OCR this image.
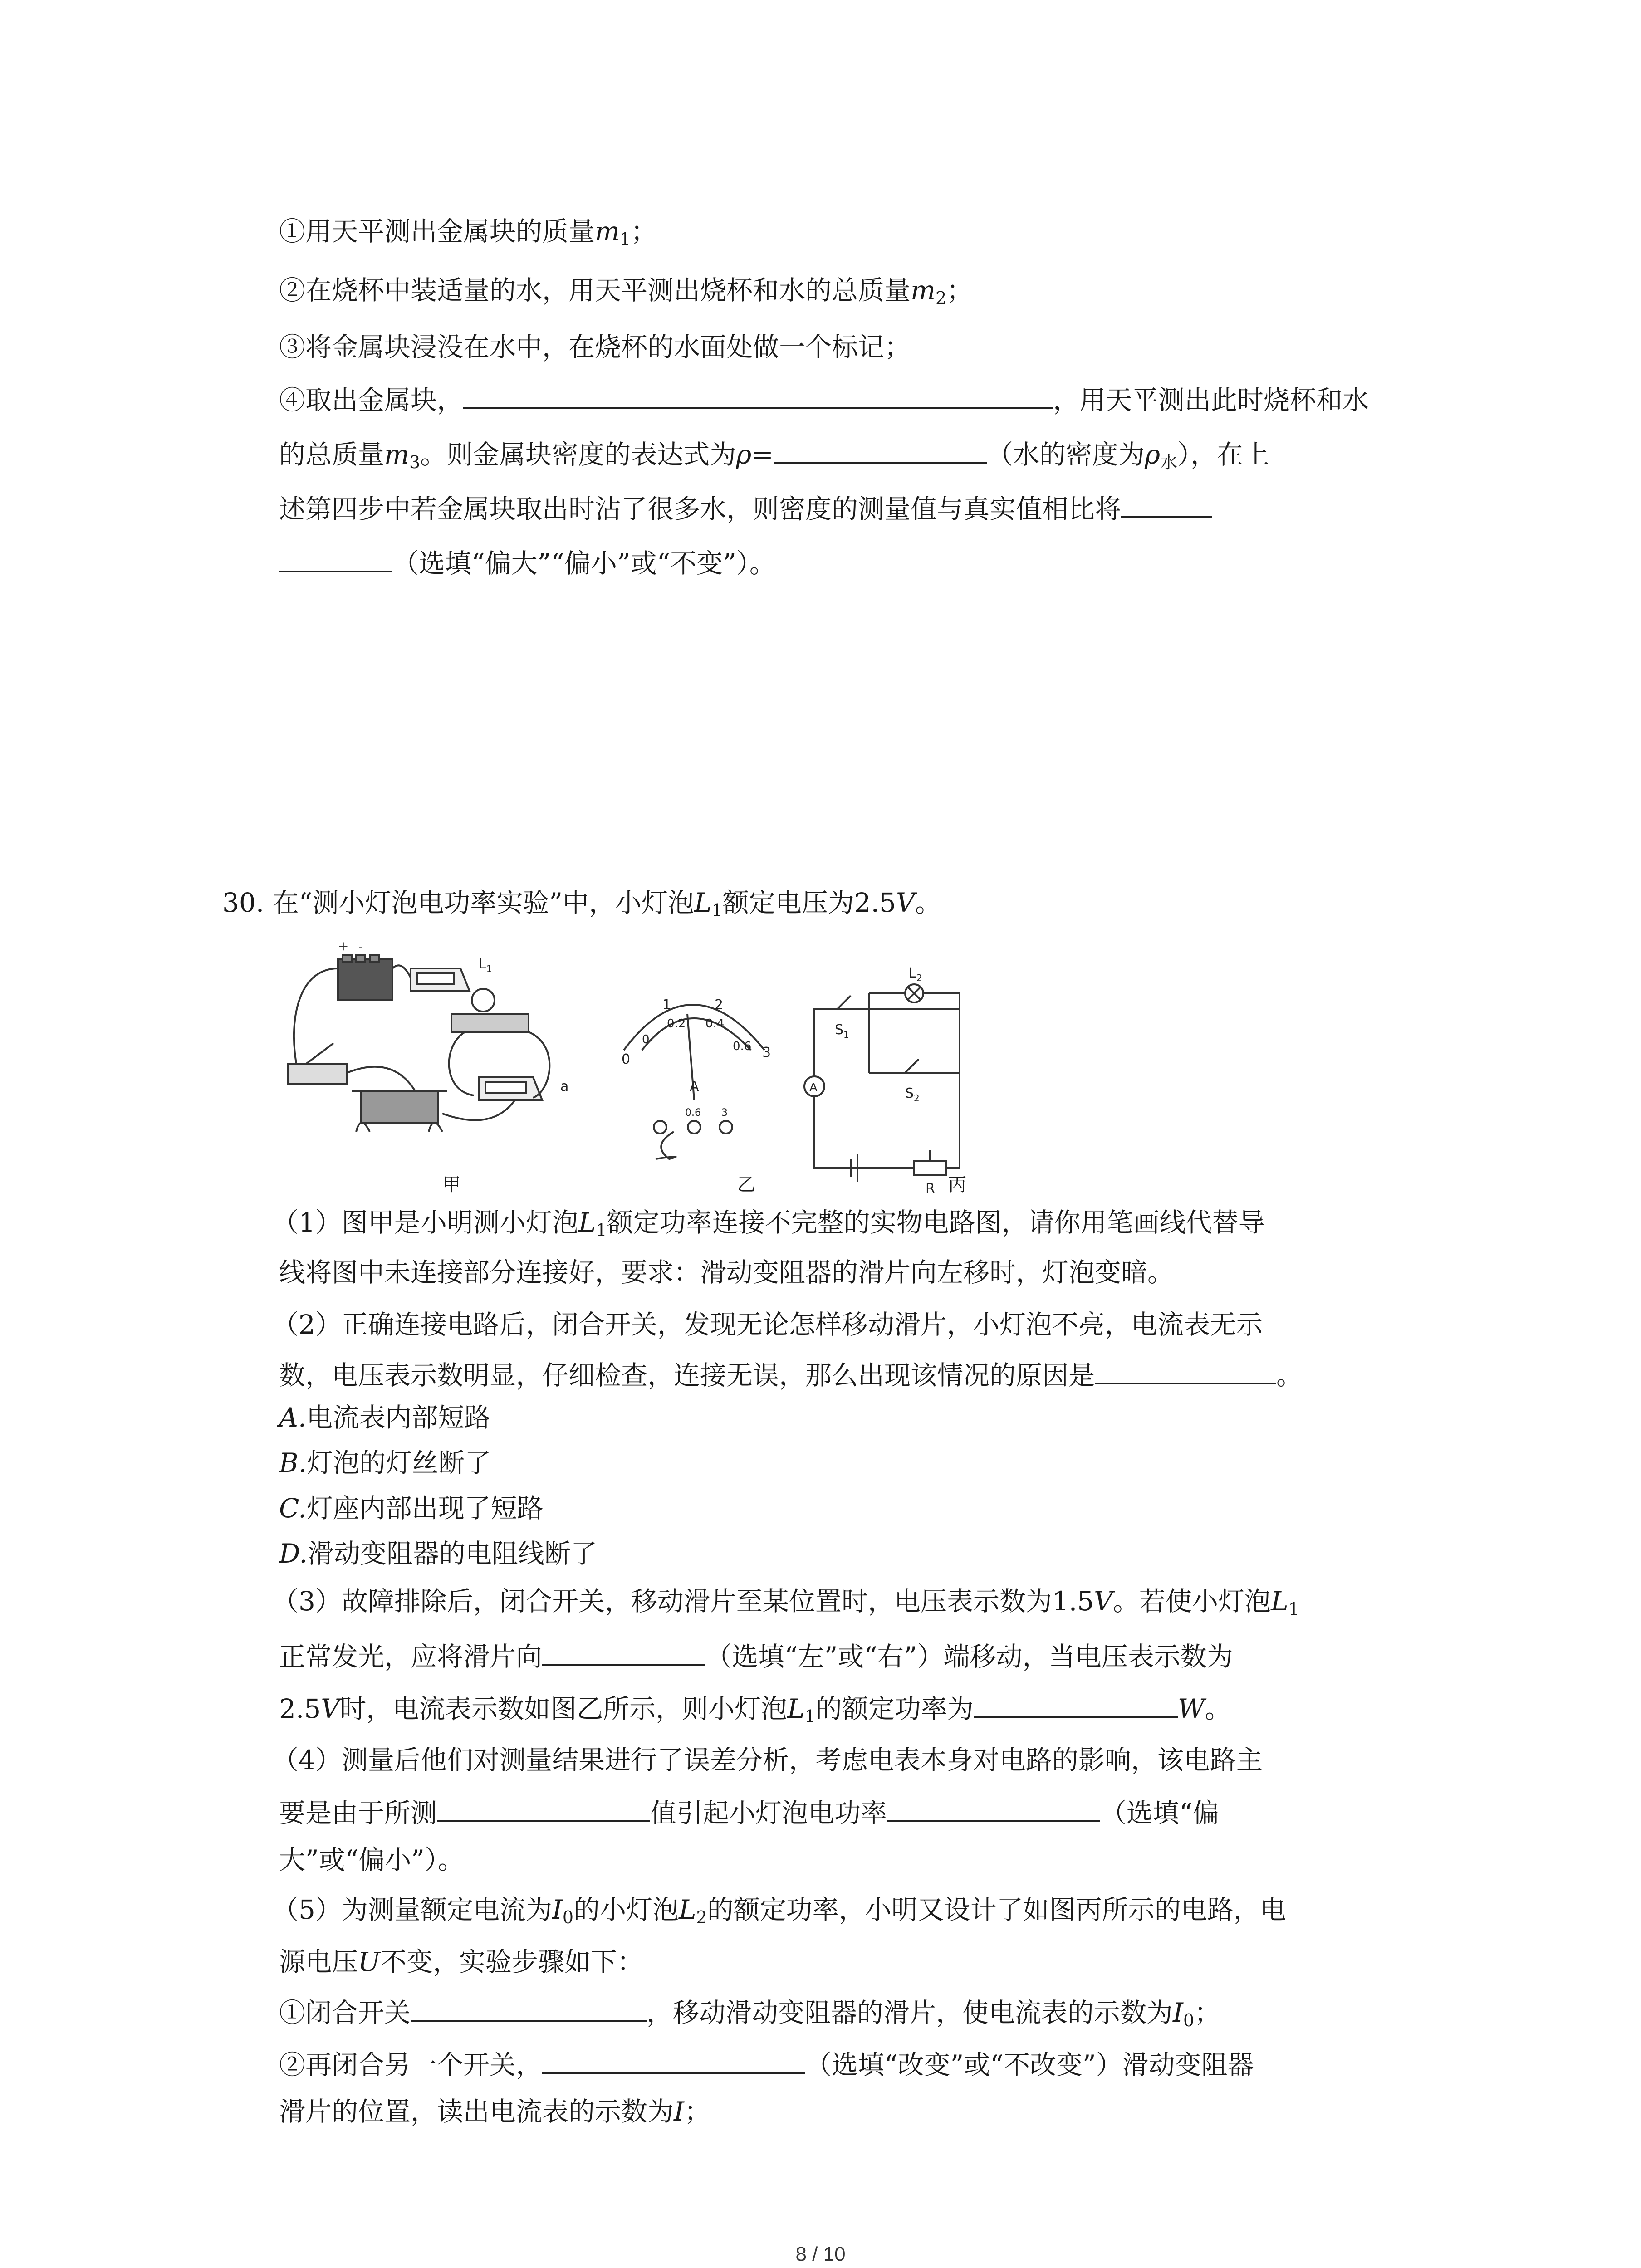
①用天平测出金属块的质量$m_1$；
②在烧杯中装适量的水，用天平测出烧杯和水的总质量$m_2$；
③将金属块浸没在水中，在烧杯的水面处做一个标记；
④取出金属块，	，用天平测出此时烧杯和水
的总质量$m_3$。则金属块密度的表达式为ρ=	（水的密度为$\rho_水$），在上
述第四步中若金属块取出时沾了很多水，则密度的测量值与真实值相比将
（选填“偏大”“偏小”或“不变”）。
30. 在“测小灯泡电功率实验”中，小灯泡$L_1$额定电压为2.5V。
+ -
$L_1$
a
0
1	2
3
0
0.2 0.4
0.6
A
0.6 3
$L_2$
$S_1$
$S_2$
R
A
甲	乙	丙
（1）图甲是小明测小灯泡$L_1$额定功率连接不完整的实物电路图，请你用笔画线代替导
线将图中未连接部分连接好，要求：滑动变阻器的滑片向左移时，灯泡变暗。
（2）正确连接电路后，闭合开关，发现无论怎样移动滑片，小灯泡不亮，电流表无示
数，电压表示数明显，仔细检查，连接无误，那么出现该情况的原因是	。
A.电流表内部短路
B.灯泡的灯丝断了
C.灯座内部出现了短路
D.滑动变阻器的电阻线断了
（3）故障排除后，闭合开关，移动滑片至某位置时，电压表示数为1.5V。若使小灯泡$L_1$
正常发光，应将滑片向	（选填“左”或“右”）端移动，当电压表示数为
2.5V时，电流表示数如图乙所示，则小灯泡$L_1$的额定功率为	W。
（4）测量后他们对测量结果进行了误差分析，考虑电表本身对电路的影响，该电路主
要是由于所测	值引起小灯泡电功率	（选填“偏
大”或“偏小”）。
（5）为测量额定电流为$I_0$的小灯泡$L_2$的额定功率，小明又设计了如图丙所示的电路，电
源电压U不变，实验步骤如下：
①闭合开关	，移动滑动变阻器的滑片，使电流表的示数为$I_0$；
②再闭合另一个开关，	（选填“改变”或“不改变”）滑动变阻器
滑片的位置，读出电流表的示数为I；
8 / 10
